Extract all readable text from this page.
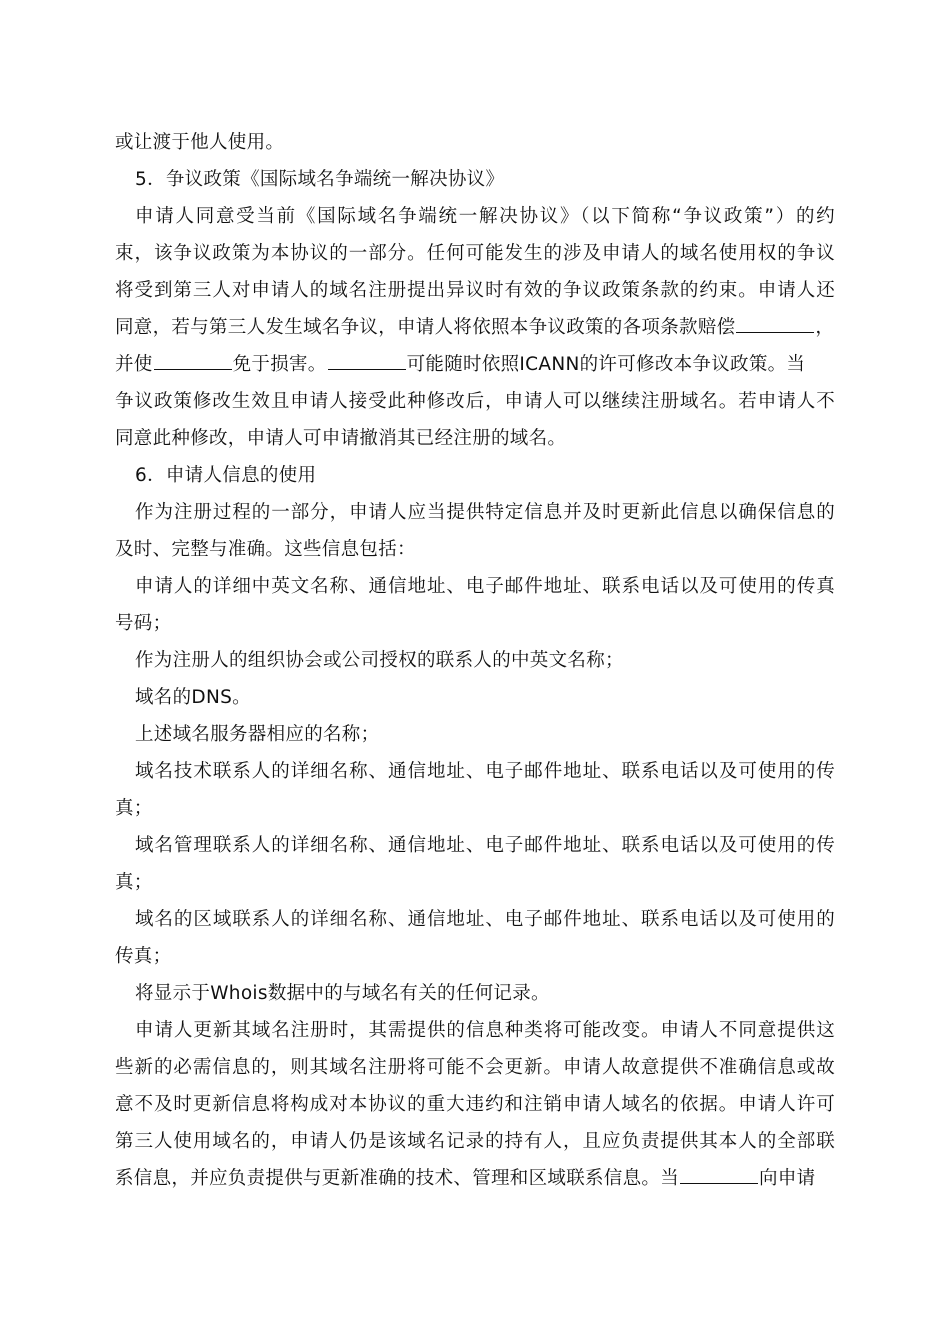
或让渡于他人使用。
5．争议政策《国际域名争端统一解决协议》
申请人同意受当前《国际域名争端统一解决协议》（以下简称“争议政策”）的约
束，该争议政策为本协议的一部分。任何可能发生的涉及申请人的域名使用权的争议
将受到第三人对申请人的域名注册提出异议时有效的争议政策条款的约束。申请人还
同意，若与第三人发生域名争议，申请人将依照本争议政策的各项条款赔偿	，
并使	免于损害。	可能随时依照ICANN的许可修改本争议政策。当
争议政策修改生效且申请人接受此种修改后，申请人可以继续注册域名。若申请人不
同意此种修改，申请人可申请撤消其已经注册的域名。
6．申请人信息的使用
作为注册过程的一部分，申请人应当提供特定信息并及时更新此信息以确保信息的
及时、完整与准确。这些信息包括：
申请人的详细中英文名称、通信地址、电子邮件地址、联系电话以及可使用的传真
号码；
作为注册人的组织协会或公司授权的联系人的中英文名称；
域名的DNS。
上述域名服务器相应的名称；
域名技术联系人的详细名称、通信地址、电子邮件地址、联系电话以及可使用的传
真；
域名管理联系人的详细名称、通信地址、电子邮件地址、联系电话以及可使用的传
真；
域名的区域联系人的详细名称、通信地址、电子邮件地址、联系电话以及可使用的
传真；
将显示于Whois数据中的与域名有关的任何记录。
申请人更新其域名注册时，其需提供的信息种类将可能改变。申请人不同意提供这
些新的必需信息的，则其域名注册将可能不会更新。申请人故意提供不准确信息或故
意不及时更新信息将构成对本协议的重大违约和注销申请人域名的依据。申请人许可
第三人使用域名的，申请人仍是该域名记录的持有人，且应负责提供其本人的全部联
系信息，并应负责提供与更新准确的技术、管理和区域联系信息。当	向申请
